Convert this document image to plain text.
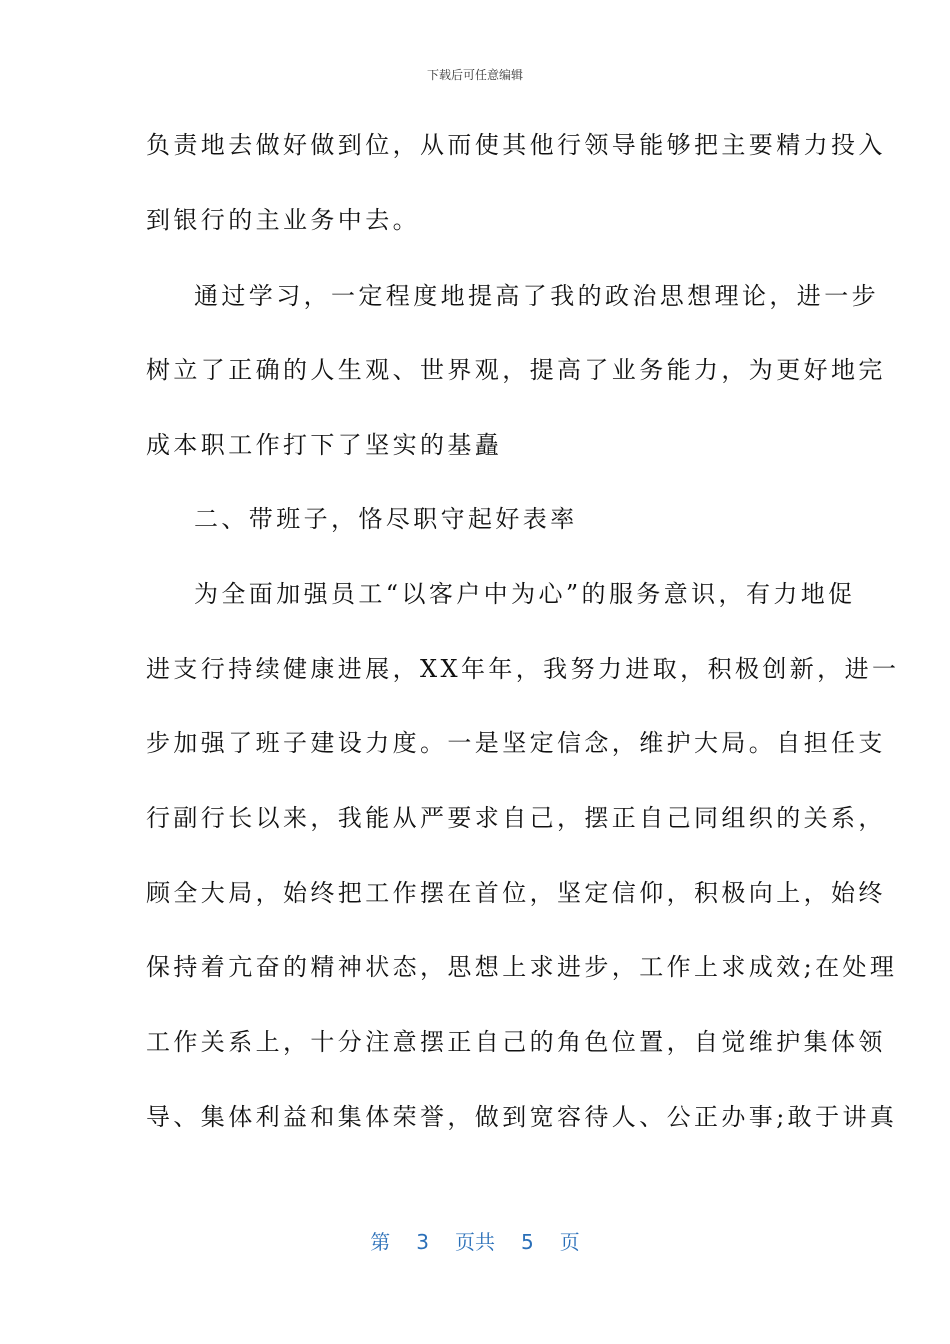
下载后可任意编辑
负责地去做好做到位，从而使其他行领导能够把主要精力投入
到银行的主业务中去。
通过学习，一定程度地提高了我的政治思想理论，进一步
树立了正确的人生观、世界观，提高了业务能力，为更好地完
成本职工作打下了坚实的基矗
二、带班子，恪尽职守起好表率
为全面加强员工“以客户中为心”的服务意识，有力地促
进支行持续健康进展，XX年年，我努力进取，积极创新，进一
步加强了班子建设力度。一是坚定信念，维护大局。自担任支
行副行长以来，我能从严要求自己，摆正自己同组织的关系，
顾全大局，始终把工作摆在首位，坚定信仰，积极向上，始终
保持着亢奋的精神状态，思想上求进步，工作上求成效;在处理
工作关系上，十分注意摆正自己的角色位置，自觉维护集体领
导、集体利益和集体荣誉，做到宽容待人、公正办事;敢于讲真
第 3 页共 5 页
